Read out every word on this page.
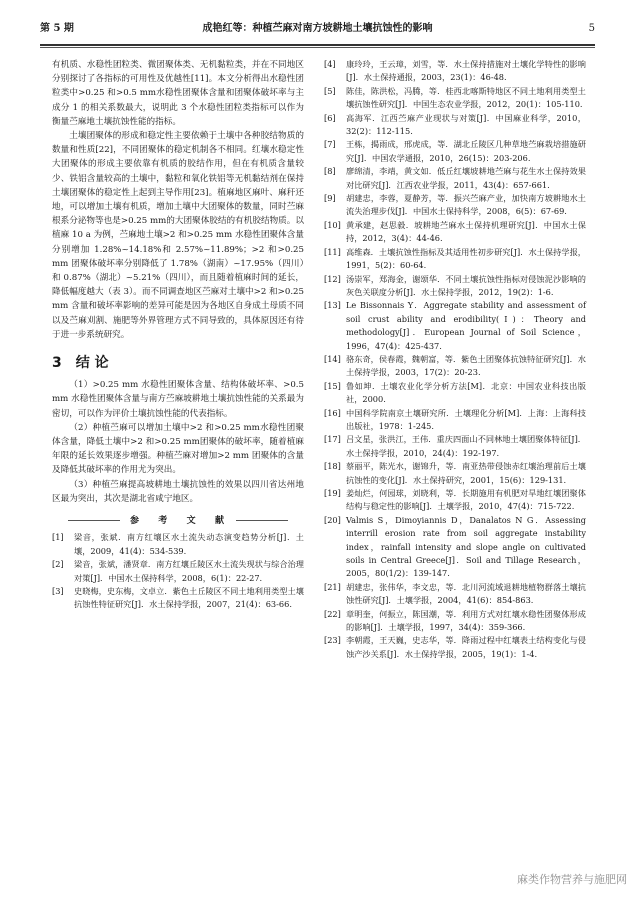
第 5 期	成艳红等：种植苎麻对南方坡耕地土壤抗蚀性的影响	5

有机质、水稳性团粒类、微团聚体类、无机黏粒类，并在不同地区分别探讨了各指标的可用性及优越性[11]。本文分析得出水稳性团粒类中>0.25 和>0.5 mm水稳性团聚体含量和团聚体破坏率与主成分 1 的相关系数最大，说明此 3 个水稳性团粒类指标可以作为衡量苎麻地土壤抗蚀性能的指标。

土壤团聚体的形成和稳定性主要依赖于土壤中各种胶结物质的数量和性质[22]，不同团聚体的稳定机制各不相同。红壤水稳定性大团聚体的形成主要依靠有机质的胶结作用，但在有机质含量较少、铁铝含量较高的土壤中，黏粒和氧化铁铝等无机黏结剂在保持土壤团聚体的稳定性上起到主导作用[23]。植麻地区麻叶、麻秆还地，可以增加土壤有机质，增加土壤中大团聚体的数量，同时苎麻根系分泌物等也是>0.25 mm的大团聚体胶结的有机胶结物质。以植麻 10 a 为例，苎麻地土壤>2 和>0.25 mm 水稳性团聚体含量分别增加 1.28%~14.18%和 2.57%~11.89%；>2 和>0.25 mm 团聚体破坏率分别降低了 1.78%（湖南）~17.95%（四川）和 0.87%（湖北）~5.21%（四川），而且随着植麻时间的延长，降低幅度越大（表 3）。而不同调查地区苎麻对土壤中>2 和>0.25 mm 含量和破坏率影响的差异可能是因为各地区自身成土母质不同以及苎麻刈割、施肥等外界管理方式不同导致的，具体原因还有待于进一步系统研究。

3 结 论

（1）>0.25 mm 水稳性团聚体含量、结构体破坏率、>0.5 mm 水稳性团聚体含量与南方苎麻坡耕地土壤抗蚀性能的关系最为密切，可以作为评价土壤抗蚀性能的代表指标。

（2）种植苎麻可以增加土壤中>2 和>0.25 mm水稳性团聚体含量，降低土壤中>2 和>0.25 mm团聚体的破坏率，随着植麻年限的延长效果逐步增强。种植苎麻对增加>2 mm 团聚体的含量及降低其破坏率的作用尤为突出。

（3）种植苎麻提高坡耕地土壤抗蚀性的效果以四川省达州地区最为突出，其次是湖北省咸宁地区。

参 考 文 献
[1]	梁音，张斌．南方红壤区水土流失动态演变趋势分析[J]．土壤，2009，41(4)：534-539.
[2]	梁音，张斌，潘贤章．南方红壤丘陵区水土流失现状与综合治理对策[J]．中国水土保持科学，2008，6(1)：22-27.
[3]	史晓梅，史东梅，文卓立．紫色土丘陵区不同土地利用类型土壤抗蚀性特征研究[J]．水土保持学报，2007，21(4)：63-66.
[4]	康玲玲，王云璋，刘雪，等．水土保持措施对土壤化学特性的影响[J]．水土保持通报，2003，23(1)：46-48.
[5]	陈佳，陈洪松，冯腾，等．桂西北喀斯特地区不同土地利用类型土壤抗蚀性研究[J]．中国生态农业学报，2012，20(1)：105-110.
[6]	高海军．江西苎麻产业现状与对策[J]．中国麻业科学，2010，32(2)：112-115.
[7]	王栋，揭雨成，邢虎成，等．湖北丘陵区几种草地苎麻栽培措施研究[J]．中国农学通报，2010，26(15)：203-206.
[8]	廖绵清，李靖，黄文如．低丘红壤坡耕地苎麻与花生水土保持效果对比研究[J]．江西农业学报，2011，43(4)：657-661.
[9]	胡建忠，李蓉，夏静芳，等．振兴苎麻产业，加快南方坡耕地水土流失治理步伐[J]．中国水土保持科学，2008，6(5)：67-69.
[10] 黄承建，赵思毅．坡耕地苎麻水土保持机理研究[J]．中国水土保持，2012，3(4)：44-46.
[11] 高维森．土壤抗蚀性指标及其适用性初步研究[J]．水土保持学报，1991，5(2)：60-64.
[12] 汤崇军，郑海金，谢颂华．不同土壤抗蚀性指标对侵蚀泥沙影响的灰色关联度分析[J]．水土保持学报，2012，19(2)：1-6.
[13] Le Bissonnais Y．Aggregate stability and assessment of soil crust ability and erodibility(Ⅰ)：Theory and methodology[J]．European Journal of Soil Science，1996，47(4)：425-437.
[14] 骆东奇，侯春霞，魏朝富，等．紫色土团聚体抗蚀特征研究[J]．水土保持学报，2003，17(2)：20-23.
[15] 鲁如坤．土壤农业化学分析方法[M]．北京：中国农业科技出版社，2000.
[16] 中国科学院南京土壤研究所．土壤理化分析[M]．上海：上海科技出版社，1978：1-245.
[17] 吕文星，张洪江，王伟．重庆四面山不同林地土壤团聚体特征[J]．水土保持学报，2010，24(4)：192-197.
[18] 蔡丽平，陈光水，谢锦升，等．南亚热带侵蚀赤红壤治理前后土壤抗蚀性的变化[J]．水土保持研究，2001，15(6)：129-131.
[19] 姜灿烂，何园球，刘晓利，等．长期施用有机肥对旱地红壤团聚体结构与稳定性的影响[J]．土壤学报，2010，47(4)：715-722.
[20] Valmis S，Dimoyiannis D，Danalatos N G．Assessing interrill erosion rate from soil aggregate instability index，rainfall intensity and slope angle on cultivated soils in Central Greece[J]．Soil and Tillage Research，2005，80(1/2)：139-147.
[21] 胡建忠，张伟华，李文忠，等．北川河流域退耕地植物群落土壤抗蚀性研究[J]．土壤学报，2004，41(6)：854-863.
[22] 章明奎，何振立，陈国潮，等．利用方式对红壤水稳性团聚体形成的影响[J]．土壤学报，1997，34(4)：359-366.
[23] 李朝霞，王天巍，史志华，等．降雨过程中红壤表土结构变化与侵蚀产沙关系[J]．水土保持学报，2005，19(1)：1-4.
麻类作物营养与施肥网
